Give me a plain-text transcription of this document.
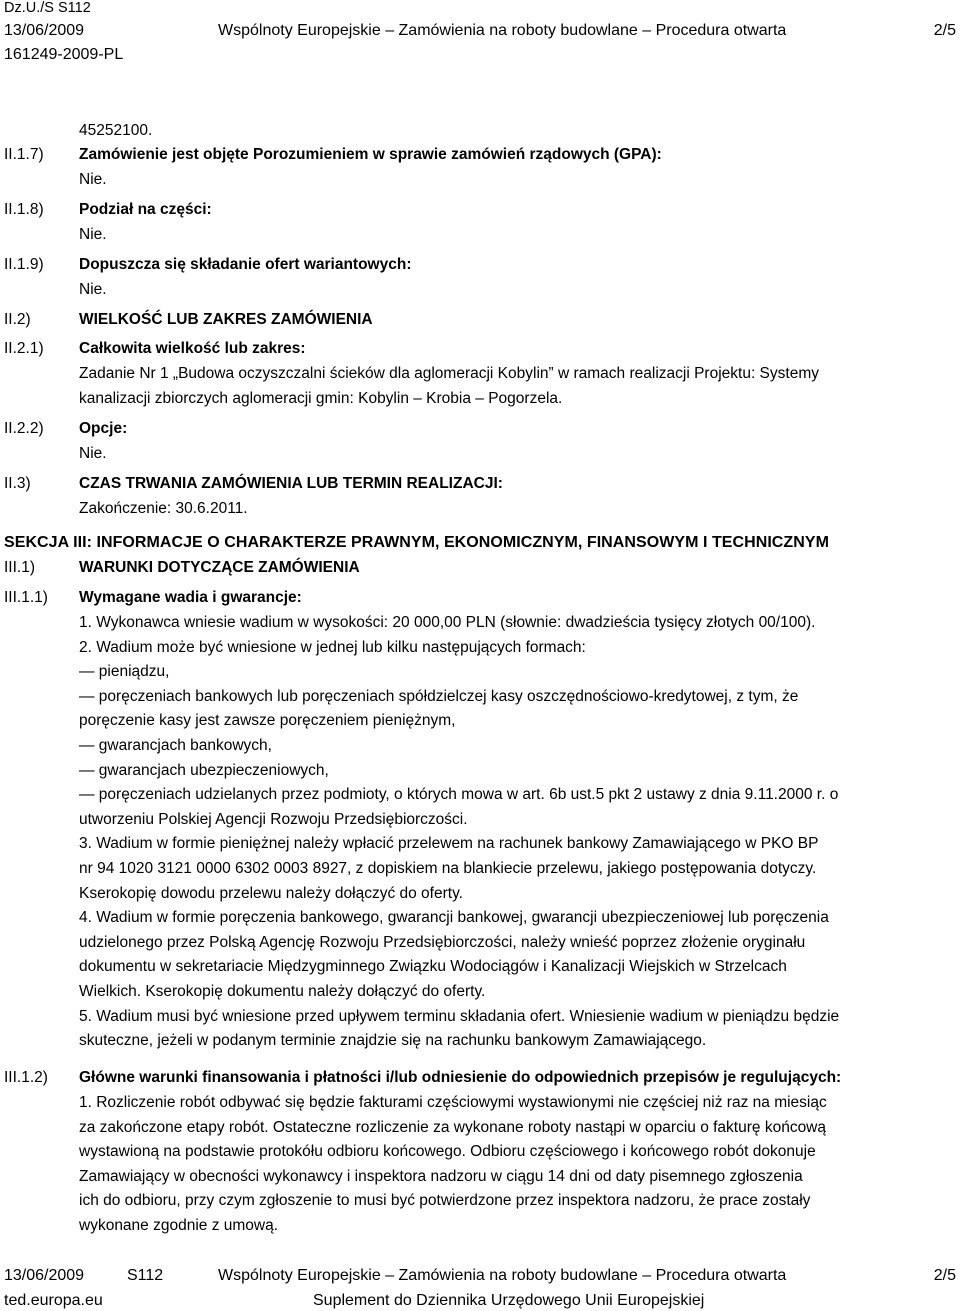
Dz.U./S S112
13/06/2009	Wspólnoty Europejskie – Zamówienia na roboty budowlane – Procedura otwarta	2/5
161249-2009-PL
45252100.
II.1.7) Zamówienie jest objęte Porozumieniem w sprawie zamówień rządowych (GPA):
Nie.
II.1.8) Podział na części:
Nie.
II.1.9) Dopuszcza się składanie ofert wariantowych:
Nie.
II.2)	WIELKOŚĆ LUB ZAKRES ZAMÓWIENIA
II.2.1) Całkowita wielkość lub zakres:
Zadanie Nr 1 „Budowa oczyszczalni ścieków dla aglomeracji Kobylin” w ramach realizacji Projektu: Systemy
kanalizacji zbiorczych aglomeracji gmin: Kobylin – Krobia – Pogorzela.
II.2.2) Opcje:
Nie.
II.3)	CZAS TRWANIA ZAMÓWIENIA LUB TERMIN REALIZACJI:
Zakończenie: 30.6.2011.
SEKCJA III: INFORMACJE O CHARAKTERZE PRAWNYM, EKONOMICZNYM, FINANSOWYM I TECHNICZNYM
III.1)	WARUNKI DOTYCZĄCE ZAMÓWIENIA
III.1.1) Wymagane wadia i gwarancje:
1. Wykonawca wniesie wadium w wysokości: 20 000,00 PLN (słownie: dwadzieścia tysięcy złotych 00/100).
2. Wadium może być wniesione w jednej lub kilku następujących formach:
— pieniądzu,
— poręczeniach bankowych lub poręczeniach spółdzielczej kasy oszczędnościowo-kredytowej, z tym, że
poręczenie kasy jest zawsze poręczeniem pieniężnym,
— gwarancjach bankowych,
— gwarancjach ubezpieczeniowych,
— poręczeniach udzielanych przez podmioty, o których mowa w art. 6b ust.5 pkt 2 ustawy z dnia 9.11.2000 r. o
utworzeniu Polskiej Agencji Rozwoju Przedsiębiorczości.
3. Wadium w formie pieniężnej należy wpłacić przelewem na rachunek bankowy Zamawiającego w PKO BP
nr 94 1020 3121 0000 6302 0003 8927, z dopiskiem na blankiecie przelewu, jakiego postępowania dotyczy.
Kserokopię dowodu przelewu należy dołączyć do oferty.
4. Wadium w formie poręczenia bankowego, gwarancji bankowej, gwarancji ubezpieczeniowej lub poręczenia
udzielonego przez Polską Agencję Rozwoju Przedsiębiorczości, należy wnieść poprzez złożenie oryginału
dokumentu w sekretariacie Międzygminnego Związku Wodociągów i Kanalizacji Wiejskich w Strzelcach
Wielkich. Kserokopię dokumentu należy dołączyć do oferty.
5. Wadium musi być wniesione przed upływem terminu składania ofert. Wniesienie wadium w pieniądzu będzie
skuteczne, jeżeli w podanym terminie znajdzie się na rachunku bankowym Zamawiającego.
III.1.2) Główne warunki finansowania i płatności i/lub odniesienie do odpowiednich przepisów je regulujących:
1. Rozliczenie robót odbywać się będzie fakturami częściowymi wystawionymi nie częściej niż raz na miesiąc
za zakończone etapy robót. Ostateczne rozliczenie za wykonane roboty nastąpi w oparciu o fakturę końcową
wystawioną na podstawie protokółu odbioru końcowego. Odbioru częściowego i końcowego robót dokonuje
Zamawiający w obecności wykonawcy i inspektora nadzoru w ciągu 14 dni od daty pisemnego zgłoszenia
ich do odbioru, przy czym zgłoszenie to musi być potwierdzone przez inspektora nadzoru, że prace zostały
wykonane zgodnie z umową.
13/06/2009	S112	Wspólnoty Europejskie – Zamówienia na roboty budowlane – Procedura otwarta	2/5
ted.europa.eu	Suplement do Dziennika Urzędowego Unii Europejskiej
